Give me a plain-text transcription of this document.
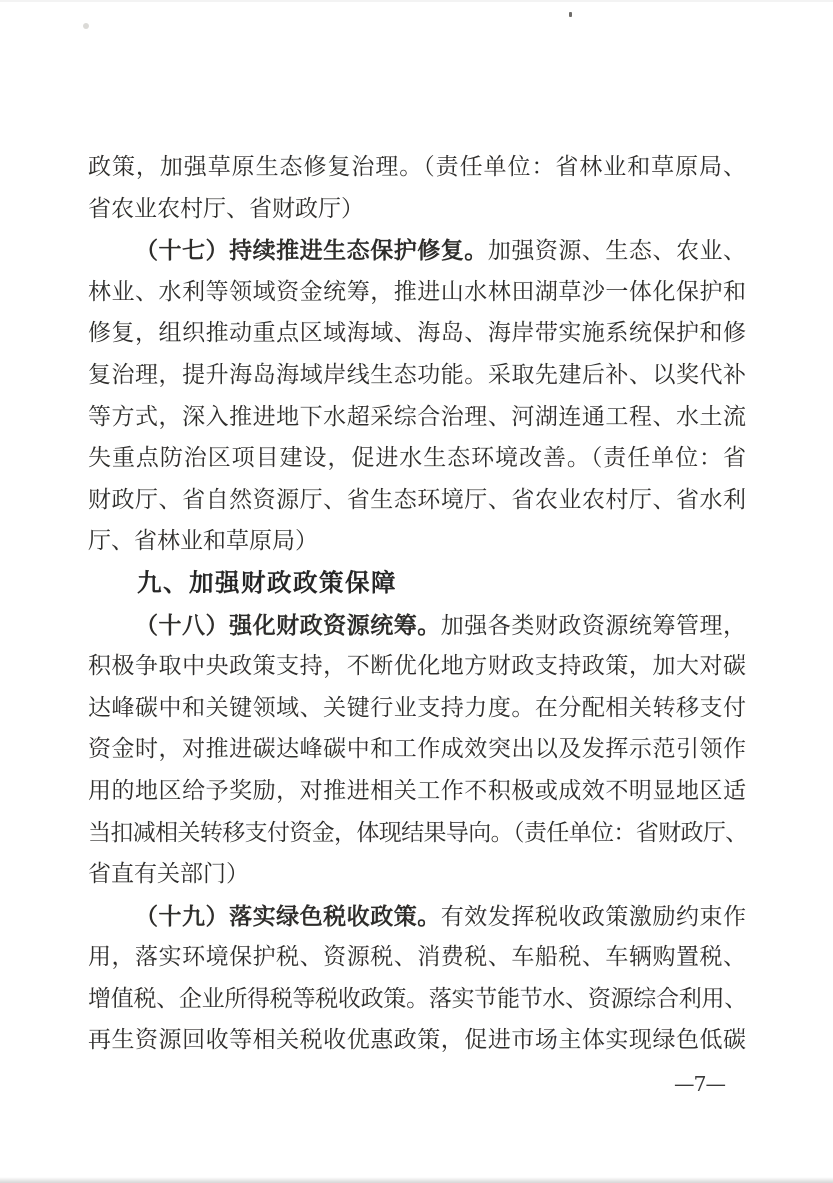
政策，加强草原生态修复治理。（责任单位：省林业和草原局、

省农业农村厅、省财政厅）

（十七）持续推进生态保护修复。加强资源、生态、农业、

林业、水利等领域资金统筹，推进山水林田湖草沙一体化保护和

修复，组织推动重点区域海域、海岛、海岸带实施系统保护和修

复治理，提升海岛海域岸线生态功能。采取先建后补、以奖代补

等方式，深入推进地下水超采综合治理、河湖连通工程、水土流

失重点防治区项目建设，促进水生态环境改善。（责任单位：省

财政厅、省自然资源厅、省生态环境厅、省农业农村厅、省水利

厅、省林业和草原局）

九、加强财政政策保障

（十八）强化财政资源统筹。加强各类财政资源统筹管理，

积极争取中央政策支持，不断优化地方财政支持政策，加大对碳

达峰碳中和关键领域、关键行业支持力度。在分配相关转移支付

资金时，对推进碳达峰碳中和工作成效突出以及发挥示范引领作

用的地区给予奖励，对推进相关工作不积极或成效不明显地区适

当扣减相关转移支付资金，体现结果导向。（责任单位：省财政厅、

省直有关部门）

（十九）落实绿色税收政策。有效发挥税收政策激励约束作

用，落实环境保护税、资源税、消费税、车船税、车辆购置税、

增值税、企业所得税等税收政策。落实节能节水、资源综合利用、

再生资源回收等相关税收优惠政策，促进市场主体实现绿色低碳

—7—
